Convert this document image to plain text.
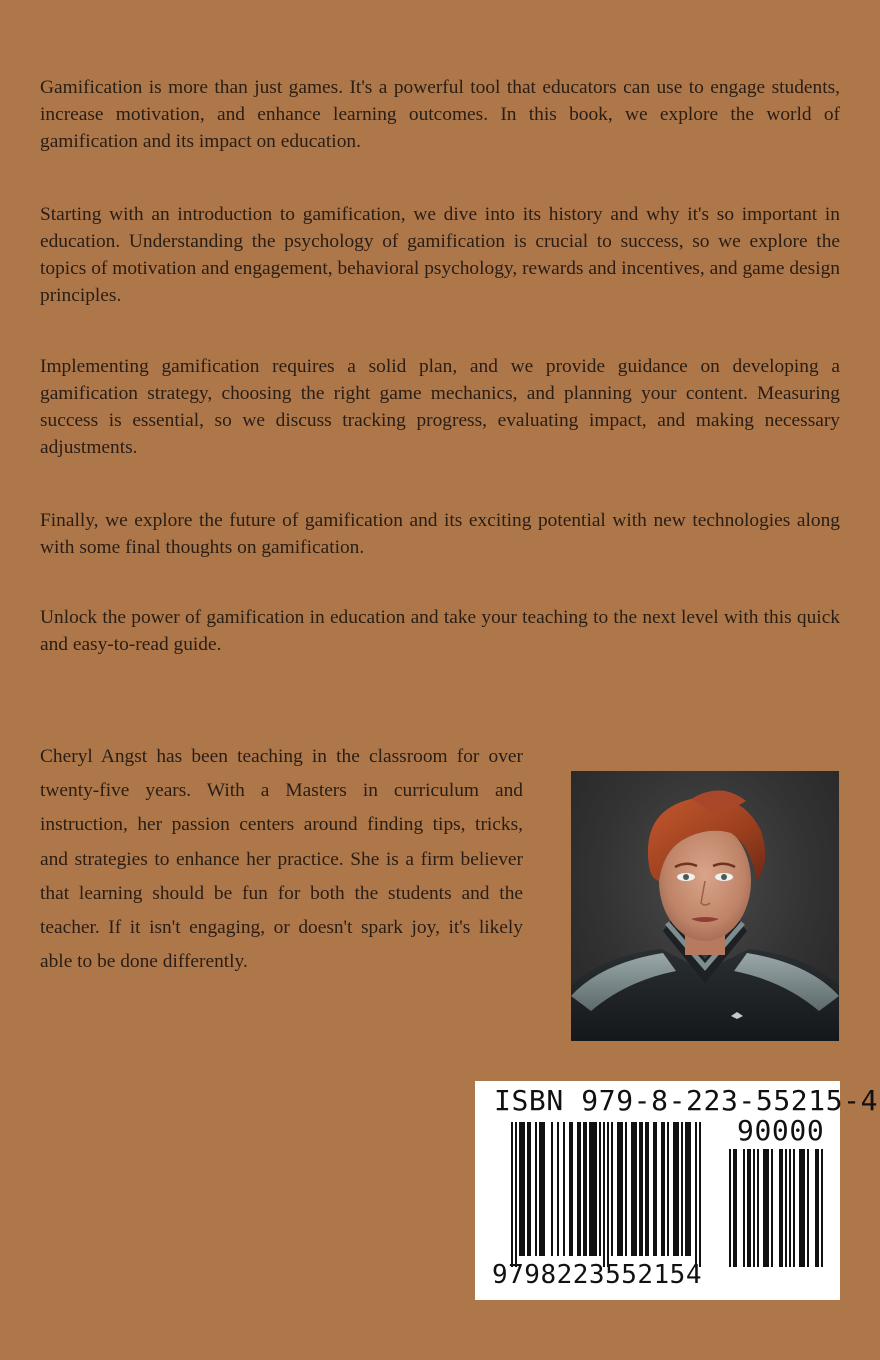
Gamification is more than just games. It's a powerful tool that educators can use to engage students, increase motivation, and enhance learning outcomes. In this book, we explore the world of gamification and its impact on education.

Starting with an introduction to gamification, we dive into its history and why it's so important in education. Understanding the psychology of gamification is crucial to success, so we explore the topics of motivation and engagement, behavioral psychology, rewards and incentives, and game design principles.

Implementing gamification requires a solid plan, and we provide guidance on developing a gamification strategy, choosing the right game mechanics, and planning your content. Measuring success is essential, so we discuss tracking progress, evaluating impact, and making necessary adjustments.

Finally, we explore the future of gamification and its exciting potential with new technologies along with some final thoughts on gamification.

Unlock the power of gamification in education and take your teaching to the next level with this quick and easy-to-read guide.

Cheryl Angst has been teaching in the classroom for over twenty-five years. With a Masters in curriculum and instruction, her passion centers around finding tips, tricks, and strategies to enhance her practice. She is a firm believer that learning should be fun for both the students and the teacher. If it isn't engaging, or doesn't spark joy, it's likely able to be done differently.

ISBN 979-8-223-55215-4
90000
9798223552154
